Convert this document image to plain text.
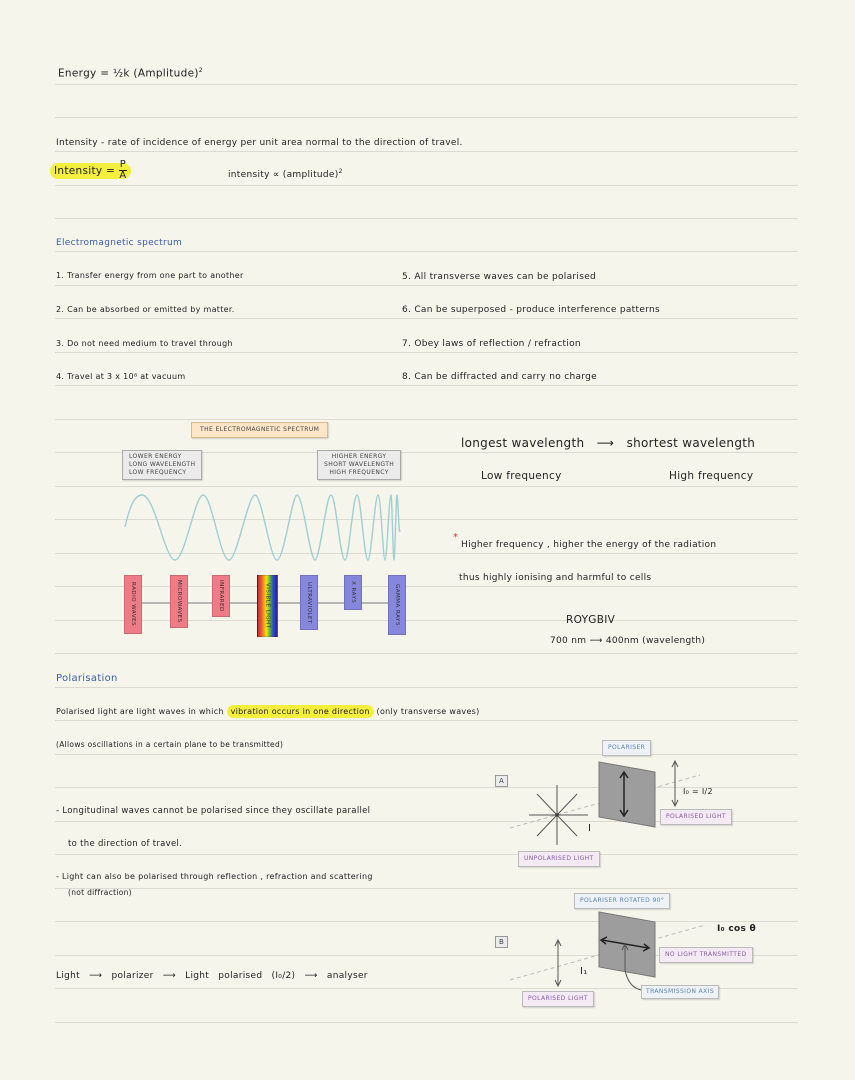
Energy = ½k (Amplitude)$^2$
Intensity - rate of incidence of energy per unit area normal to the direction of travel.
Intensity = $\frac{P}{A}$	intensity ∝ (amplitude)$^2$
Electromagnetic spectrum
1. Transfer energy from one part to another
2. Can be absorbed or emitted by matter.
3. Do not need medium to travel through
4. Travel at 3 x 10⁸ at vacuum
5. All transverse waves can be polarised
6. Can be superposed - produce interference patterns
7. Obey laws of reflection / refraction
8. Can be diffracted and carry no charge
THE ELECTROMAGNETIC SPECTRUM
LOWER ENERGY
LONG WAVELENGTH
LOW FREQUENCY
HIGHER ENERGY
SHORT WAVELENGTH
HIGH FREQUENCY
RADIO WAVES	MICROWAVES	INFRARED	VISIBLE LIGHT	ULTRAVIOLET	X RAYS	GAMMA RAYS
longest wavelength ⟶ shortest wavelength
Low frequency	High frequency
*
Higher frequency , higher the energy of the radiation
thus highly ionising and harmful to cells
ROYGBIV
700 nm ⟶ 400nm (wavelength)
Polarisation
Polarised light are light waves in which vibration occurs in one direction (only transverse waves)
(Allows oscillations in a certain plane to be transmitted)
- Longitudinal waves cannot be polarised since they oscillate parallel
to the direction of travel.
- Light can also be polarised through reflection , refraction and scattering
(not diffraction)
Light ⟶ polarizer ⟶ Light polarised (I₀/2) ⟶ analyser
A
POLARISER
POLARISED LIGHT
UNPOLARISED LIGHT
I
I₀ = I/2
B
POLARISER ROTATED 90°
NO LIGHT TRANSMITTED
POLARISED LIGHT
TRANSMISSION AXIS
I₀ cos θ
I₁
